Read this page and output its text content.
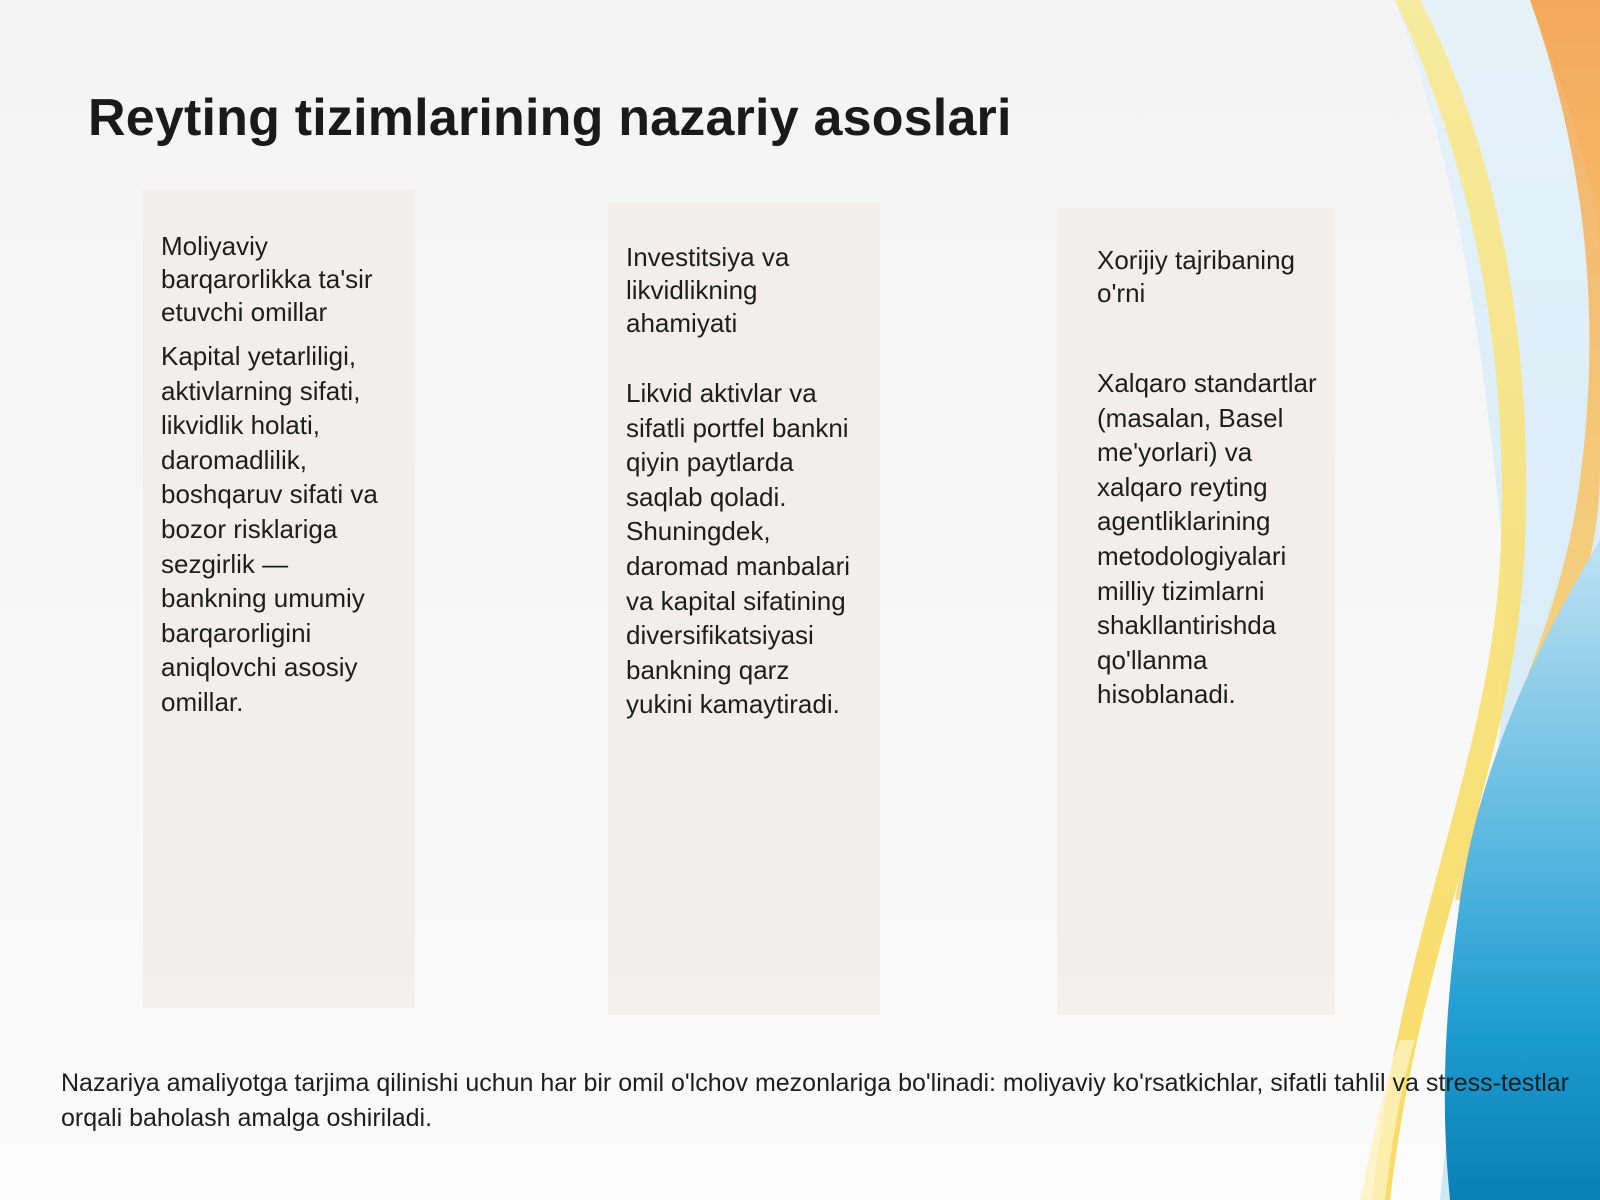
Reyting tizimlarining nazariy asoslari

Moliyaviy barqarorlikka ta'sir etuvchi omillar

Kapital yetarliligi, aktivlarning sifati, likvidlik holati, daromadlilik, boshqaruv sifati va bozor risklariga sezgirlik — bankning umumiy barqarorligini aniqlovchi asosiy omillar.

Investitsiya va likvidlikning ahamiyati

Likvid aktivlar va sifatli portfel bankni qiyin paytlarda saqlab qoladi. Shuningdek, daromad manbalari va kapital sifatining diversifikatsiyasi bankning qarz yukini kamaytiradi.

Xorijiy tajribaning o'rni

Xalqaro standartlar (masalan, Basel me'yorlari) va xalqaro reyting agentliklarining metodologiyalari milliy tizimlarni shakllantirishda qo'llanma hisoblanadi.

Nazariya amaliyotga tarjima qilinishi uchun har bir omil o'lchov mezonlariga bo'linadi: moliyaviy ko'rsatkichlar, sifatli tahlil va stress-testlar orqali baholash amalga oshiriladi.
